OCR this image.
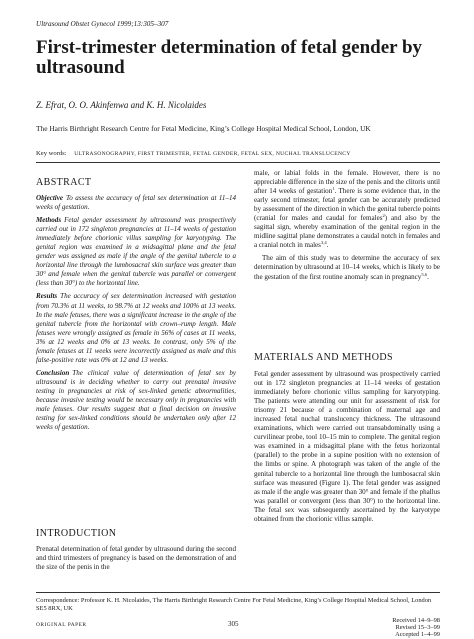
Ultrasound Obstet Gynecol 1999;13:305–307
First-trimester determination of fetal gender by ultrasound
Z. Efrat, O. O. Akinfenwa and K. H. Nicolaides
The Harris Birthright Research Centre for Fetal Medicine, King’s College Hospital Medical School, London, UK
Key words: ULTRASONOGRAPHY, FIRST TRIMESTER, FETAL GENDER, FETAL SEX, NUCHAL TRANSLUCENCY
ABSTRACT

Objective To assess the accuracy of fetal sex determination at 11–14 weeks of gestation.

Methods Fetal gender assessment by ultrasound was prospectively carried out in 172 singleton pregnancies at 11–14 weeks of gestation immediately before chorionic villus sampling for karyotyping. The genital region was examined in a midsagittal plane and the fetal gender was assigned as male if the angle of the genital tubercle to a horizontal line through the lumbosacral skin surface was greater than 30° and female when the genital tubercle was parallel or convergent (less than 30°) to the horizontal line.

Results The accuracy of sex determination increased with gestation from 70.3% at 11 weeks, to 98.7% at 12 weeks and 100% at 13 weeks. In the male fetuses, there was a significant increase in the angle of the genital tubercle from the horizontal with crown–rump length. Male fetuses were wrongly assigned as female in 56% of cases at 11 weeks, 3% at 12 weeks and 0% at 13 weeks. In contrast, only 5% of the female fetuses at 11 weeks were incorrectly assigned as male and this false-positive rate was 0% at 12 and 13 weeks.

Conclusion The clinical value of determination of fetal sex by ultrasound is in deciding whether to carry out prenatal invasive testing in pregnancies at risk of sex-linked genetic abnormalities, because invasive testing would be necessary only in pregnancies with male fetuses. Our results suggest that a final decision on invasive testing for sex-linked conditions should be undertaken only after 12 weeks of gestation.

INTRODUCTION

Prenatal determination of fetal gender by ultrasound during the second and third trimesters of pregnancy is based on the demonstration of and the size of the penis in the

male, or labial folds in the female. However, there is no appreciable difference in the size of the penis and the clitoris until after 14 weeks of gestation$^1$. There is some evidence that, in the early second trimester, fetal gender can be accurately predicted by assessment of the direction in which the genital tubercle points (cranial for males and caudal for females$^2$) and also by the sagittal sign, whereby examination of the genital region in the midline sagittal plane demonstrates a caudal notch in females and a cranial notch in males$^{3,4}$.

The aim of this study was to determine the accuracy of sex determination by ultrasound at 10–14 weeks, which is likely to be the gestation of the first routine anomaly scan in pregnancy$^{5,6}$.

MATERIALS AND METHODS

Fetal gender assessment by ultrasound was prospectively carried out in 172 singleton pregnancies at 11–14 weeks of gestation immediately before chorionic villus sampling for karyotyping. The patients were attending our unit for assessment of risk for trisomy 21 because of a combination of maternal age and increased fetal nuchal translucency thickness. The ultrasound examinations, which were carried out transabdominally using a curvilinear probe, tool 10–15 min to complete. The genital region was examined in a midsagittal plane with the fetus horizontal (parallel) to the probe in a supine position with no extension of the limbs or spine. A photograph was taken of the angle of the genital tubercle to a horizontal line through the lumbosacral skin surface was measured (Figure 1). The fetal gender was assigned as male if the angle was greater than 30° and female if the phallus was parallel or convergent (less than 30°) to the horizontal line. The fetal sex was subsequently ascertained by the karyotype obtained from the chorionic villus sample.

Correspondence: Professor K. H. Nicolaides, The Harris Birthright Research Centre For Fetal Medicine, King’s College Hospital Medical School, London SE5 8RX, UK
ORIGINAL PAPER	305	Received 14–9–98
Revised 15–3–99
Accepted 1–4–99
